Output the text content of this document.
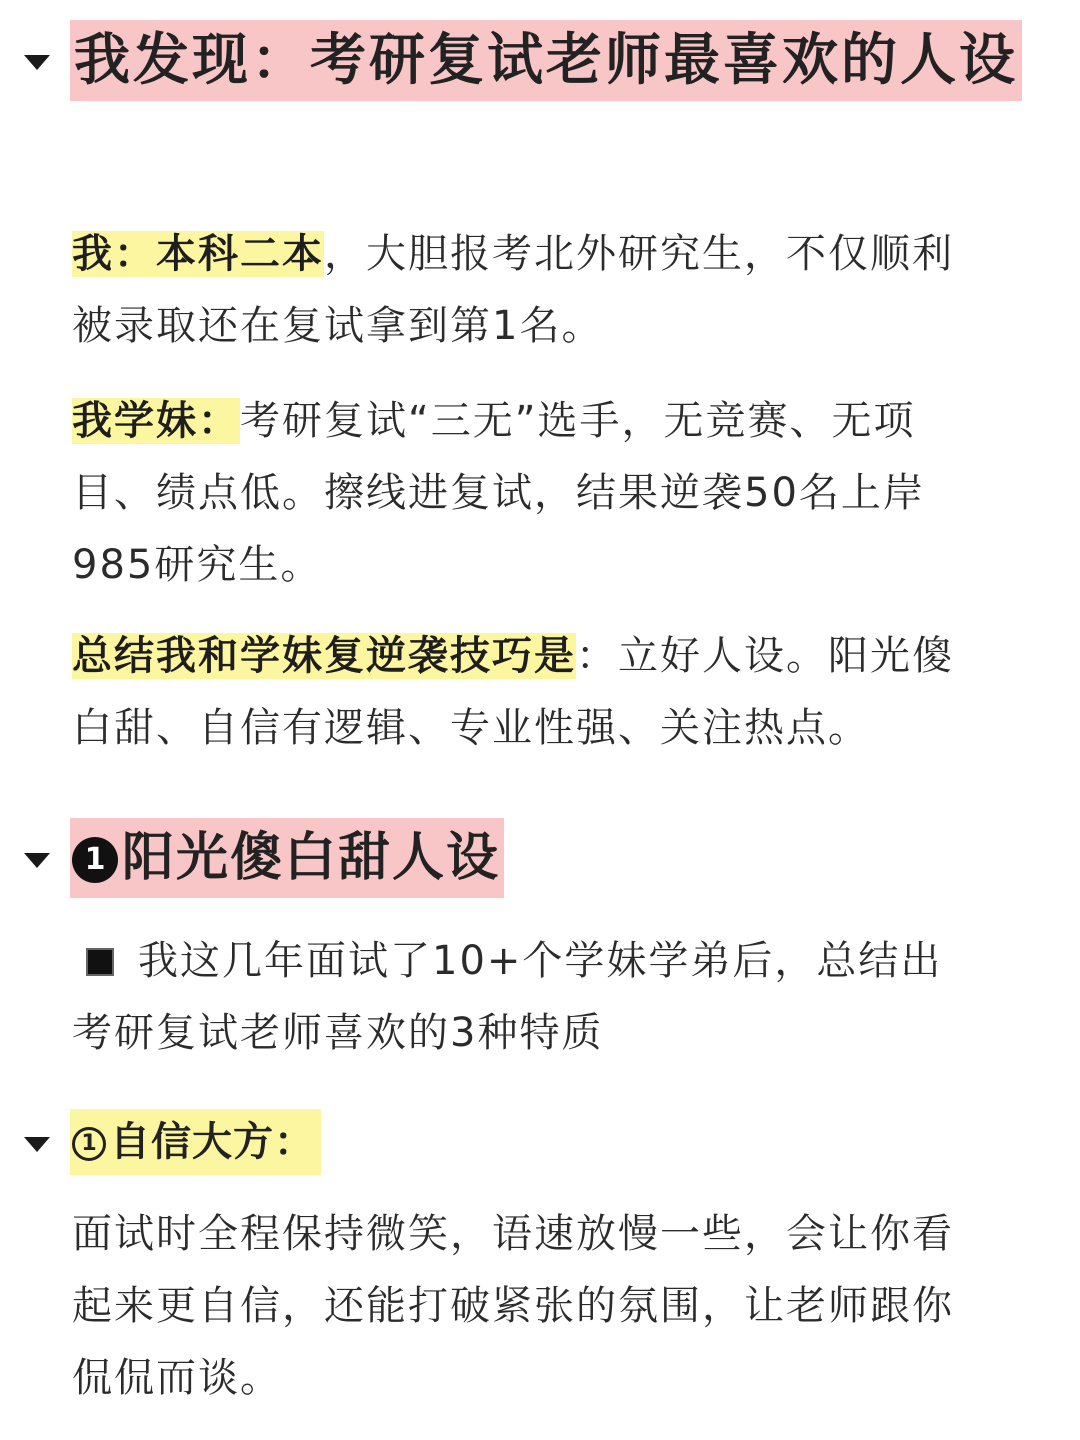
我发现：考研复试老师最喜欢的人设
我：本科二本，大胆报考北外研究生，不仅顺利被录取还在复试拿到第1名。
我学妹：考研复试“三无”选手，无竞赛、无项目、绩点低。擦线进复试，结果逆袭50名上岸985研究生。
总结我和学妹复逆袭技巧是：立好人设。阳光傻白甜、自信有逻辑、专业性强、关注热点。
1 阳光傻白甜人设
我这几年面试了10+个学妹学弟后，总结出考研复试老师喜欢的3种特质
1 自信大方：
面试时全程保持微笑，语速放慢一些，会让你看起来更自信，还能打破紧张的氛围，让老师跟你侃侃而谈。
